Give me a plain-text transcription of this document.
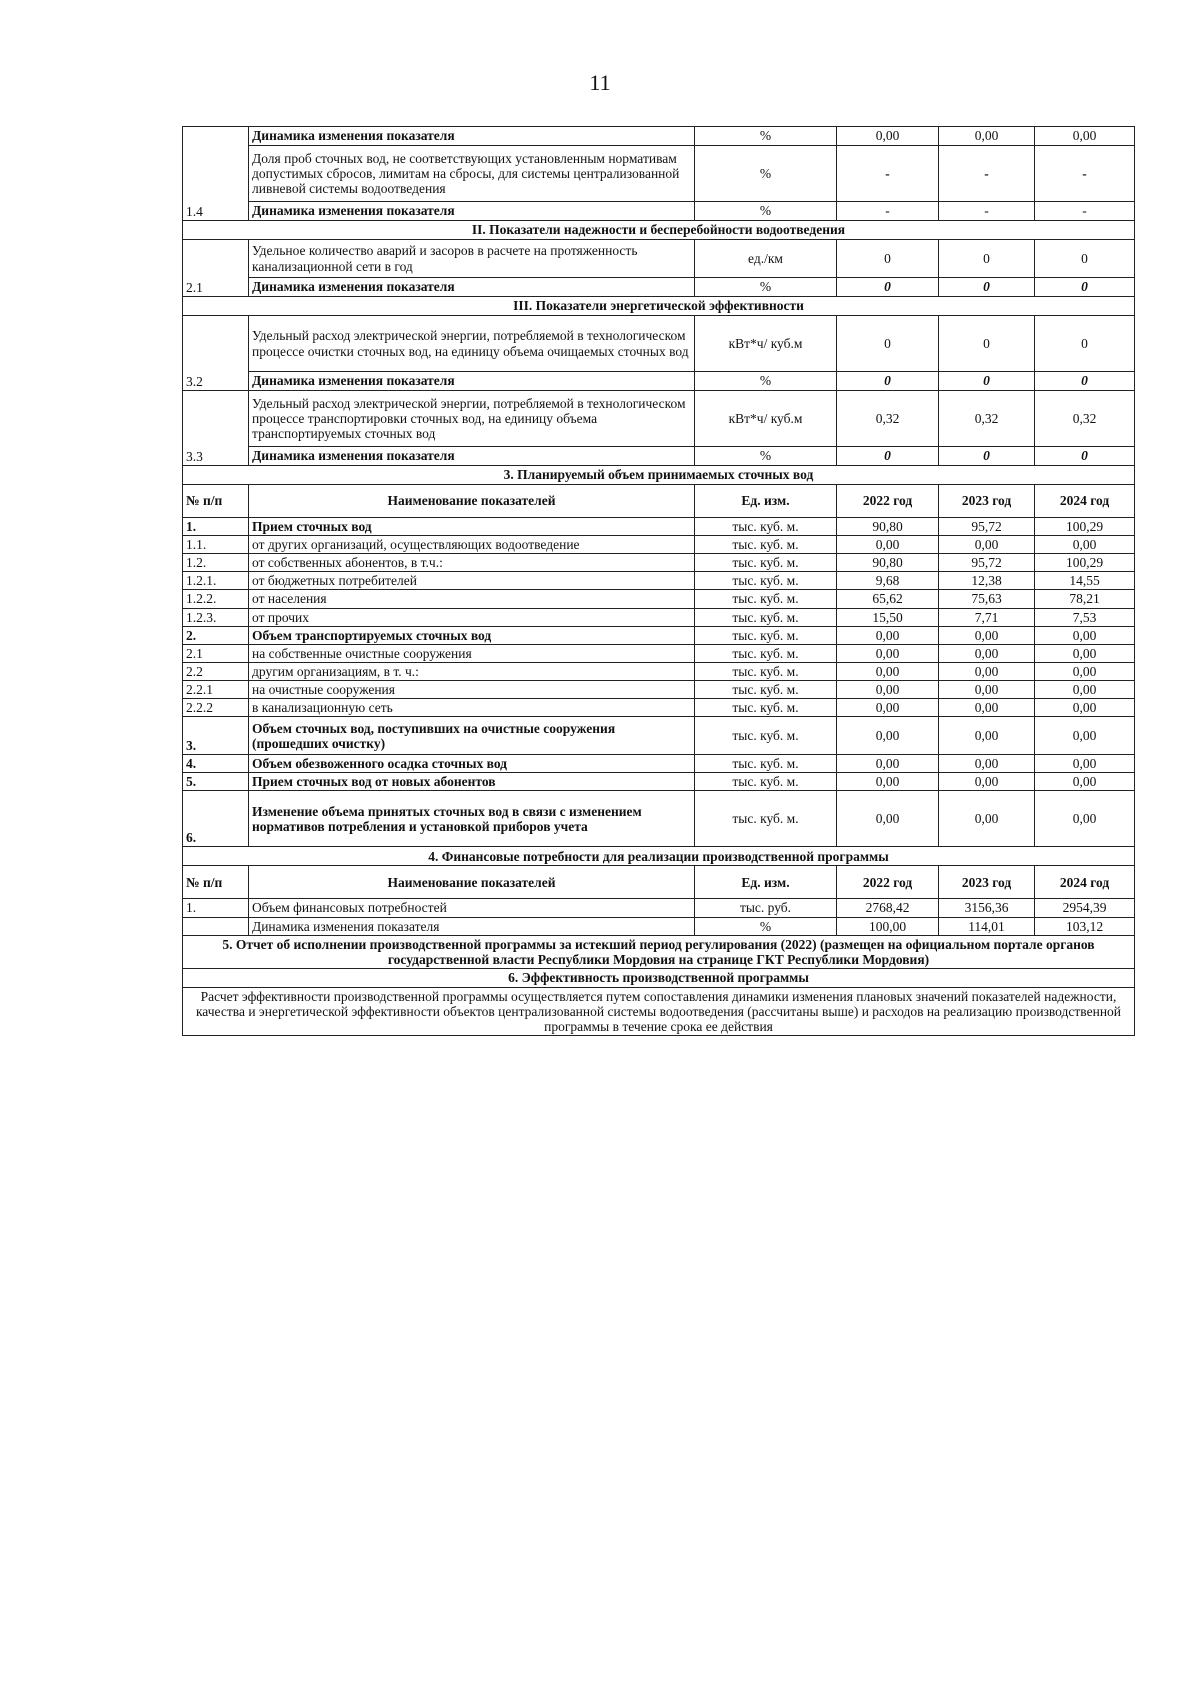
11
1.4	Динамика изменения показателя	%	0,00	0,00	0,00
	Доля проб сточных вод, не соответствующих установленным нормативам допустимых сбросов, лимитам на сбросы, для системы централизованной ливневой системы водоотведения	%	-	-	-
	Динамика изменения показателя	%	-	-	-
II. Показатели надежности и бесперебойности водоотведения					
2.1	Удельное количество аварий и засоров в расчете на протяженность канализационной сети в год	ед./км	0	0	0
	Динамика изменения показателя	%	0	0	0
III. Показатели энергетической эффективности					
3.2	Удельный расход электрической энергии, потребляемой в технологическом процессе очистки сточных вод, на единицу объема очищаемых сточных вод	кВт*ч/ куб.м	0	0	0
	Динамика изменения показателя	%	0	0	0
3.3	Удельный расход электрической энергии, потребляемой в технологическом процессе транспортировки сточных вод, на единицу объема транспортируемых сточных вод	кВт*ч/ куб.м	0,32	0,32	0,32
	Динамика изменения показателя	%	0	0	0
3. Планируемый объем принимаемых сточных вод					
№ п/п	Наименование показателей	Ед. изм.	2022 год	2023 год	2024 год
1.	Прием сточных вод	тыс. куб. м.	90,80	95,72	100,29
1.1.	от других организаций, осуществляющих водоотведение	тыс. куб. м.	0,00	0,00	0,00
1.2.	от собственных абонентов, в т.ч.:	тыс. куб. м.	90,80	95,72	100,29
1.2.1.	от бюджетных потребителей	тыс. куб. м.	9,68	12,38	14,55
1.2.2.	от населения	тыс. куб. м.	65,62	75,63	78,21
1.2.3.	от прочих	тыс. куб. м.	15,50	7,71	7,53
2.	Объем транспортируемых сточных вод	тыс. куб. м.	0,00	0,00	0,00
2.1	на собственные очистные сооружения	тыс. куб. м.	0,00	0,00	0,00
2.2	другим организациям, в т. ч.:	тыс. куб. м.	0,00	0,00	0,00
2.2.1	на очистные сооружения	тыс. куб. м.	0,00	0,00	0,00
2.2.2	в канализационную сеть	тыс. куб. м.	0,00	0,00	0,00
3.	Объем сточных вод, поступивших на очистные сооружения (прошедших очистку)	тыс. куб. м.	0,00	0,00	0,00
4.	Объем обезвоженного осадка сточных вод	тыс. куб. м.	0,00	0,00	0,00
5.	Прием сточных вод от новых абонентов	тыс. куб. м.	0,00	0,00	0,00
6.	Изменение объема принятых сточных вод в связи с изменением нормативов потребления и установкой приборов учета	тыс. куб. м.	0,00	0,00	0,00
4. Финансовые потребности для реализации производственной программы					
№ п/п	Наименование показателей	Ед. изм.	2022 год	2023 год	2024 год
1.	Объем финансовых потребностей	тыс. руб.	2768,42	3156,36	2954,39
	Динамика изменения показателя	%	100,00	114,01	103,12
5. Отчет об исполнении производственной программы за истекший период регулирования (2022) (размещен на официальном портале органов государственной власти Республики Мордовия на странице ГКТ Республики Мордовия)					
6. Эффективность производственной программы					
Расчет эффективности производственной программы осуществляется путем сопоставления динамики изменения плановых значений показателей надежности, качества и энергетической эффективности объектов централизованной системы водоотведения (рассчитаны выше) и расходов на реализацию производственной программы в течение срока ее действия					
